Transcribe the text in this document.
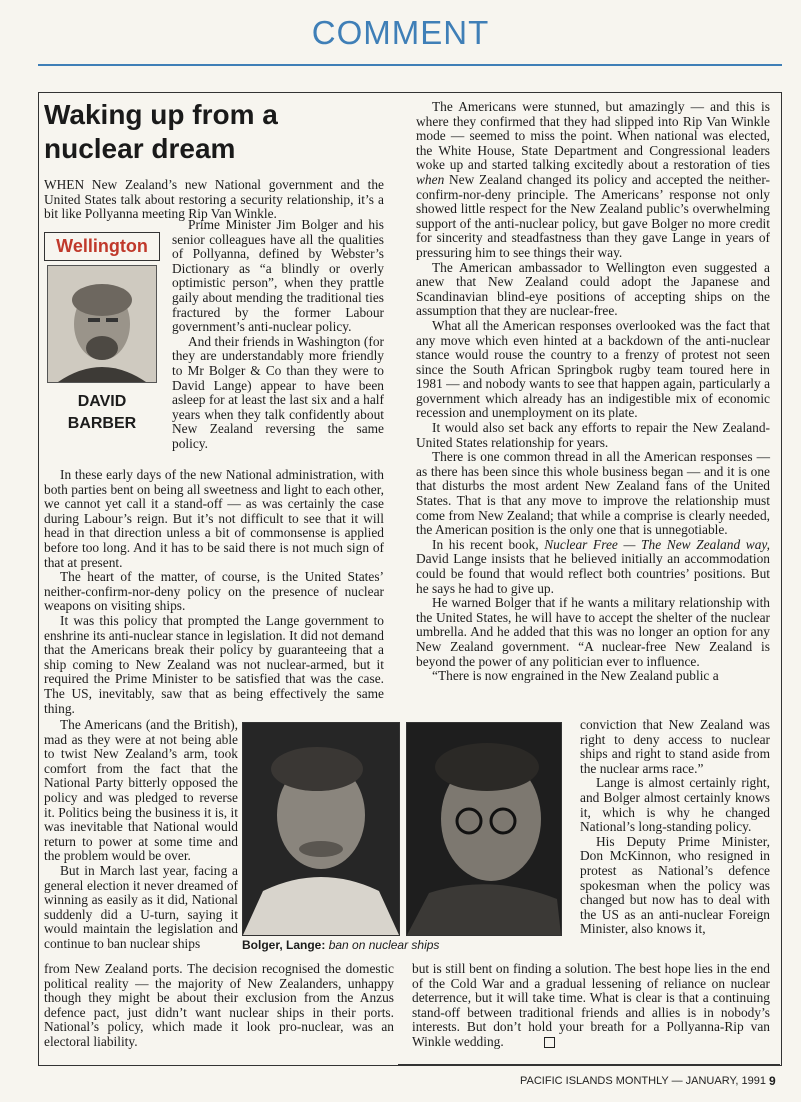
COMMENT
Waking up from a nuclear dream

WHEN New Zealand’s new National government and the United States talk about restoring a security relationship, it’s a bit like Pollyanna meeting Rip Van Winkle.

Wellington
DAVID
BARBER

Prime Minister Jim Bolger and his senior colleagues have all the qualities of Pollyanna, defined by Webster’s Dictionary as “a blindly or overly optimistic person”, when they prattle gaily about mending the traditional ties fractured by the former Labour government’s anti-nuclear policy.

And their friends in Washington (for they are understandably more friendly to Mr Bolger & Co than they were to David Lange) appear to have been asleep for at least the last six and a half years when they talk confidently about New Zealand reversing the same policy.

In these early days of the new National administration, with both parties bent on being all sweetness and light to each other, we cannot yet call it a stand-off — as was certainly the case during Labour’s reign. But it’s not difficult to see that it will head in that direction unless a bit of commonsense is applied before too long. And it has to be said there is not much sign of that at present.

The heart of the matter, of course, is the United States’ neither-confirm-nor-deny policy on the presence of nuclear weapons on visiting ships.

It was this policy that prompted the Lange government to enshrine its anti-nuclear stance in legislation. It did not demand that the Americans break their policy by guaranteeing that a ship coming to New Zealand was not nuclear-armed, but it required the Prime Minister to be satisfied that was the case. The US, inevitably, saw that as being effectively the same thing.

The Americans (and the British), mad as they were at not being able to twist New Zealand’s arm, took comfort from the fact that the National Party bitterly opposed the policy and was pledged to reverse it. Politics being the business it is, it was inevitable that National would return to power at some time and the problem would be over.

But in March last year, facing a general election it never dreamed of winning as easily as it did, National suddenly did a U-turn, saying it would maintain the legislation and continue to ban nuclear ships	Bolger, Lange: ban on nuclear ships

from New Zealand ports. The decision recognised the domestic political reality — the majority of New Zealanders, unhappy though they might be about their exclusion from the Anzus defence pact, just didn’t want nuclear ships in their ports. National’s policy, which made it look pro-nuclear, was an electoral liability.

The Americans were stunned, but amazingly — and this is where they confirmed that they had slipped into Rip Van Winkle mode — seemed to miss the point. When national was elected, the White House, State Department and Congressional leaders woke up and started talking excitedly about a restoration of ties when New Zealand changed its policy and accepted the neither-confirm-nor-deny principle. The Americans’ response not only showed little respect for the New Zealand public’s overwhelming support of the anti-nuclear policy, but gave Bolger no more credit for sincerity and steadfastness than they gave Lange in years of pressuring him to see things their way.

The American ambassador to Wellington even suggested a anew that New Zealand could adopt the Japanese and Scandinavian blind-eye positions of accepting ships on the assumption that they are nuclear-free.

What all the American responses overlooked was the fact that any move which even hinted at a backdown of the anti-nuclear stance would rouse the country to a frenzy of protest not seen since the South African Springbok rugby team toured here in 1981 — and nobody wants to see that happen again, particularly a government which already has an indigestible mix of economic recession and unemployment on its plate.

It would also set back any efforts to repair the New Zealand-United States relationship for years.

There is one common thread in all the American responses — as there has been since this whole business began — and it is one that disturbs the most ardent New Zealand fans of the United States. That is that any move to improve the relationship must come from New Zealand; that while a comprise is clearly needed, the American position is the only one that is unnegotiable.

In his recent book, Nuclear Free — The New Zealand way, David Lange insists that he believed initially an accommodation could be found that would reflect both countries’ positions. But he says he had to give up.

He warned Bolger that if he wants a military relationship with the United States, he will have to accept the shelter of the nuclear umbrella. And he added that this was no longer an option for any New Zealand government. “A nuclear-free New Zealand is beyond the power of any politician ever to influence.

“There is now engrained in the New Zealand public a

conviction that New Zealand was right to deny access to nuclear ships and right to stand aside from the nuclear arms race.”

Lange is almost certainly right, and Bolger almost certainly knows it, which is why he changed National’s long-standing policy.

His Deputy Prime Minister, Don McKinnon, who resigned in protest as National’s defence spokesman when the policy was changed but now has to deal with the US as an anti-nuclear Foreign Minister, also knows it,

but is still bent on finding a solution. The best hope lies in the end of the Cold War and a gradual lessening of reliance on nuclear deterrence, but it will take time. What is clear is that a continuing stand-off between traditional friends and allies is in nobody’s interests. But don’t hold your breath for a Pollyanna-Rip van Winkle wedding.

PACIFIC ISLANDS MONTHLY — JANUARY, 1991 9
